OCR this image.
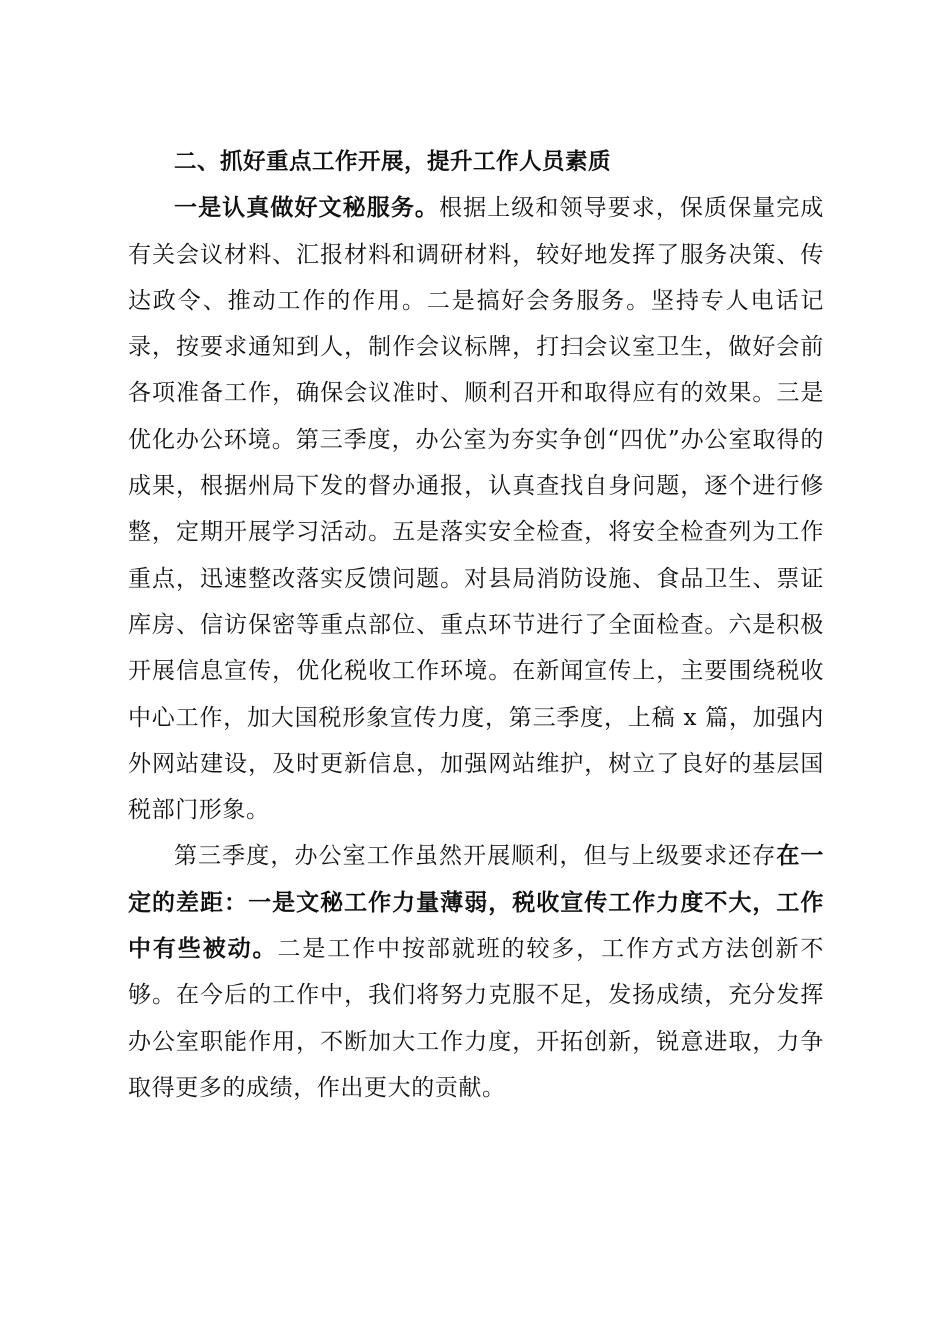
二、抓好重点工作开展，提升工作人员素质

一是认真做好文秘服务。根据上级和领导要求，保质保量完成有关会议材料、汇报材料和调研材料，较好地发挥了服务决策、传达政令、推动工作的作用。二是搞好会务服务。坚持专人电话记录，按要求通知到人，制作会议标牌，打扫会议室卫生，做好会前各项准备工作，确保会议准时、顺利召开和取得应有的效果。三是优化办公环境。第三季度，办公室为夯实争创“四优”办公室取得的成果，根据州局下发的督办通报，认真查找自身问题，逐个进行修整，定期开展学习活动。五是落实安全检查，将安全检查列为工作重点，迅速整改落实反馈问题。对县局消防设施、食品卫生、票证库房、信访保密等重点部位、重点环节进行了全面检查。六是积极开展信息宣传，优化税收工作环境。在新闻宣传上，主要围绕税收中心工作，加大国税形象宣传力度，第三季度，上稿 x 篇，加强内外网站建设，及时更新信息，加强网站维护，树立了良好的基层国税部门形象。

第三季度，办公室工作虽然开展顺利，但与上级要求还存在一定的差距：一是文秘工作力量薄弱，税收宣传工作力度不大，工作中有些被动。二是工作中按部就班的较多，工作方式方法创新不够。在今后的工作中，我们将努力克服不足，发扬成绩，充分发挥办公室职能作用，不断加大工作力度，开拓创新，锐意进取，力争取得更多的成绩，作出更大的贡献。
